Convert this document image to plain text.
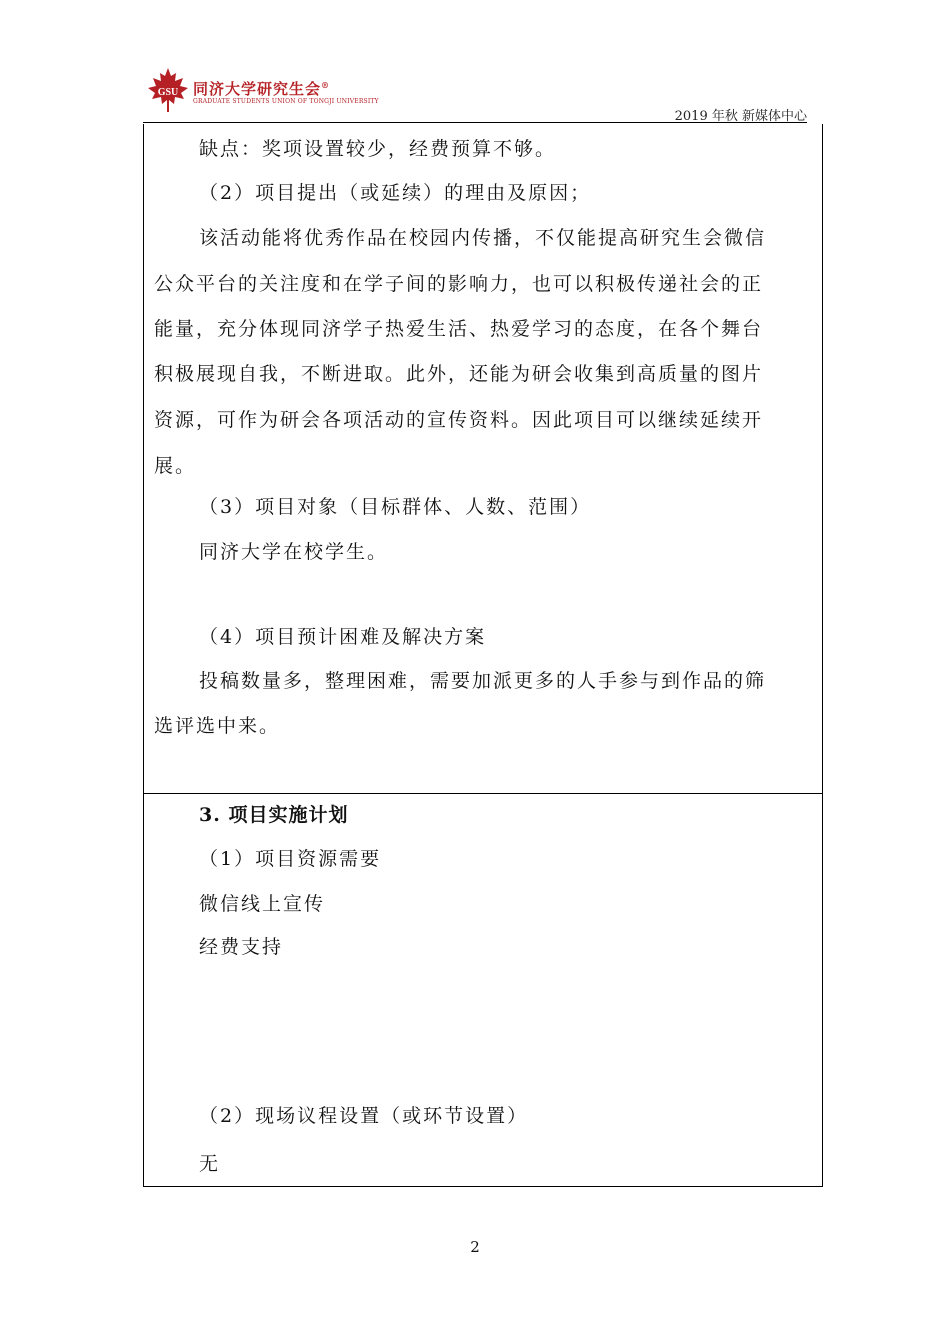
GSU 同济大学研究生会®
GRADUATE STUDENTS UNION OF TONGJI UNIVERSITY
2019 年秋 新媒体中心
缺点：奖项设置较少，经费预算不够。
（2）项目提出（或延续）的理由及原因；
该活动能将优秀作品在校园内传播，不仅能提高研究生会微信
公众平台的关注度和在学子间的影响力，也可以积极传递社会的正
能量，充分体现同济学子热爱生活、热爱学习的态度，在各个舞台
积极展现自我，不断进取。此外，还能为研会收集到高质量的图片
资源，可作为研会各项活动的宣传资料。因此项目可以继续延续开
展。
（3）项目对象（目标群体、人数、范围）
同济大学在校学生。
（4）项目预计困难及解决方案
投稿数量多，整理困难，需要加派更多的人手参与到作品的筛
选评选中来。
3. 项目实施计划
（1）项目资源需要
微信线上宣传
经费支持
（2）现场议程设置（或环节设置）
无
2
